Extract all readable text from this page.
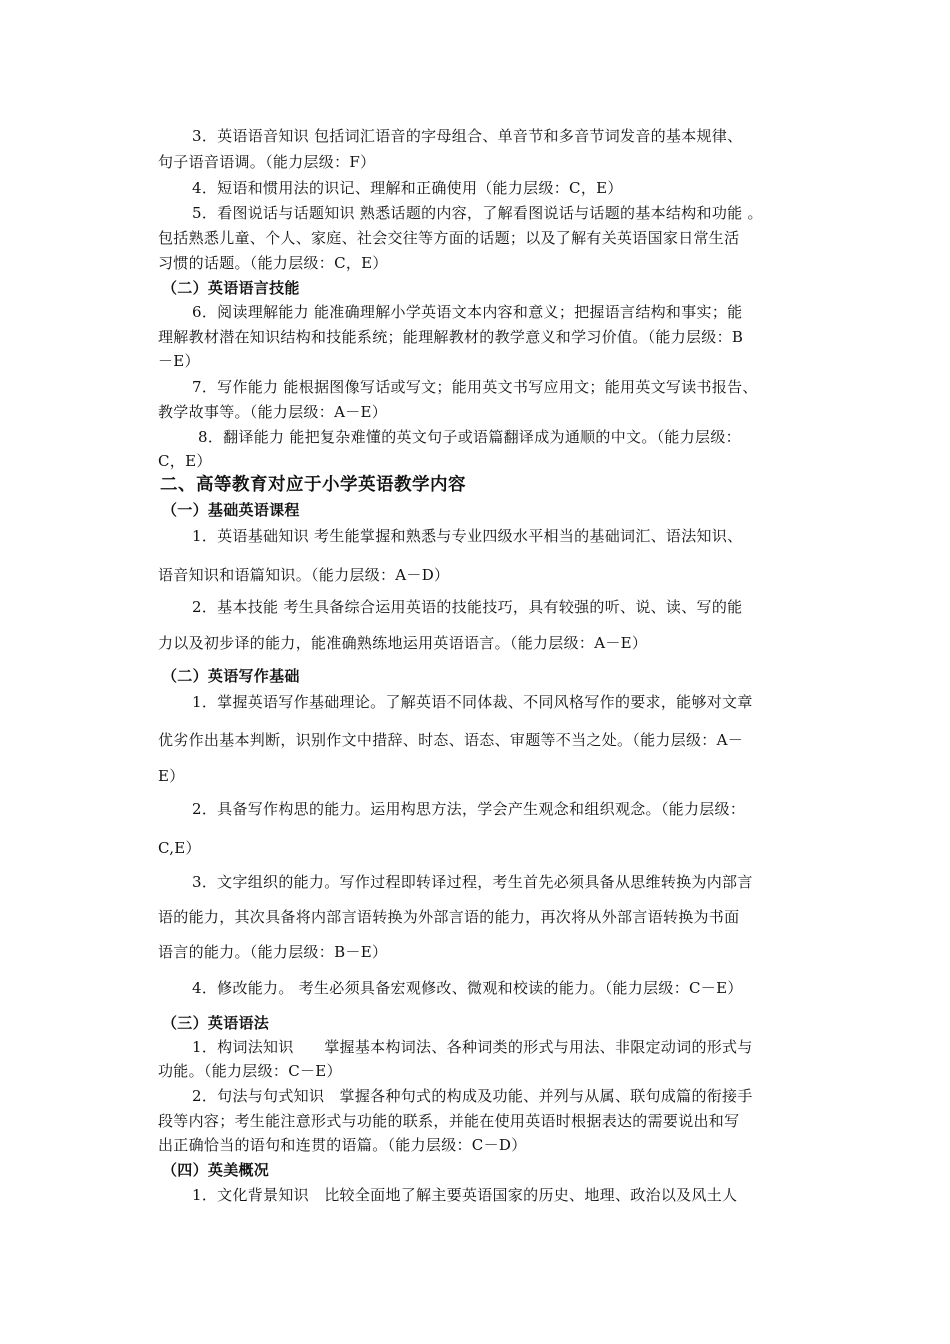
3．英语语音知识 包括词汇语音的字母组合、单音节和多音节词发音的基本规律、
句子语音语调。（能力层级：F）
4．短语和惯用法的识记、理解和正确使用（能力层级：C，E）
5．看图说话与话题知识 熟悉话题的内容，了解看图说话与话题的基本结构和功能 。
包括熟悉儿童、个人、家庭、社会交往等方面的话题；以及了解有关英语国家日常生活
习惯的话题。（能力层级：C，E）
（二）英语语言技能
6．阅读理解能力 能准确理解小学英语文本内容和意义；把握语言结构和事实；能
理解教材潜在知识结构和技能系统；能理解教材的教学意义和学习价值。（能力层级：B
－E）
7．写作能力 能根据图像写话或写文；能用英文书写应用文；能用英文写读书报告、
教学故事等。（能力层级：A－E）
8．翻译能力 能把复杂难懂的英文句子或语篇翻译成为通顺的中文。（能力层级：
C，E）
二、高等教育对应于小学英语教学内容
（一）基础英语课程
1．英语基础知识 考生能掌握和熟悉与专业四级水平相当的基础词汇、语法知识、
语音知识和语篇知识。（能力层级：A－D）
2．基本技能 考生具备综合运用英语的技能技巧，具有较强的听、说、读、写的能
力以及初步译的能力，能准确熟练地运用英语语言。（能力层级：A－E）
（二）英语写作基础
1．掌握英语写作基础理论。了解英语不同体裁、不同风格写作的要求，能够对文章
优劣作出基本判断，识别作文中措辞、时态、语态、审题等不当之处。（能力层级：A－
E）
2．具备写作构思的能力。运用构思方法，学会产生观念和组织观念。（能力层级：
C,E）
3．文字组织的能力。写作过程即转译过程，考生首先必须具备从思维转换为内部言
语的能力，其次具备将内部言语转换为外部言语的能力，再次将从外部言语转换为书面
语言的能力。（能力层级：B－E）
4．修改能力。 考生必须具备宏观修改、微观和校读的能力。（能力层级：C－E）
（三）英语语法
1．构词法知识　　掌握基本构词法、各种词类的形式与用法、非限定动词的形式与
功能。（能力层级：C－E）
2．句法与句式知识　掌握各种句式的构成及功能、并列与从属、联句成篇的衔接手
段等内容；考生能注意形式与功能的联系，并能在使用英语时根据表达的需要说出和写
出正确恰当的语句和连贯的语篇。（能力层级：C－D）
（四）英美概况
1．文化背景知识　比较全面地了解主要英语国家的历史、地理、政治以及风土人
